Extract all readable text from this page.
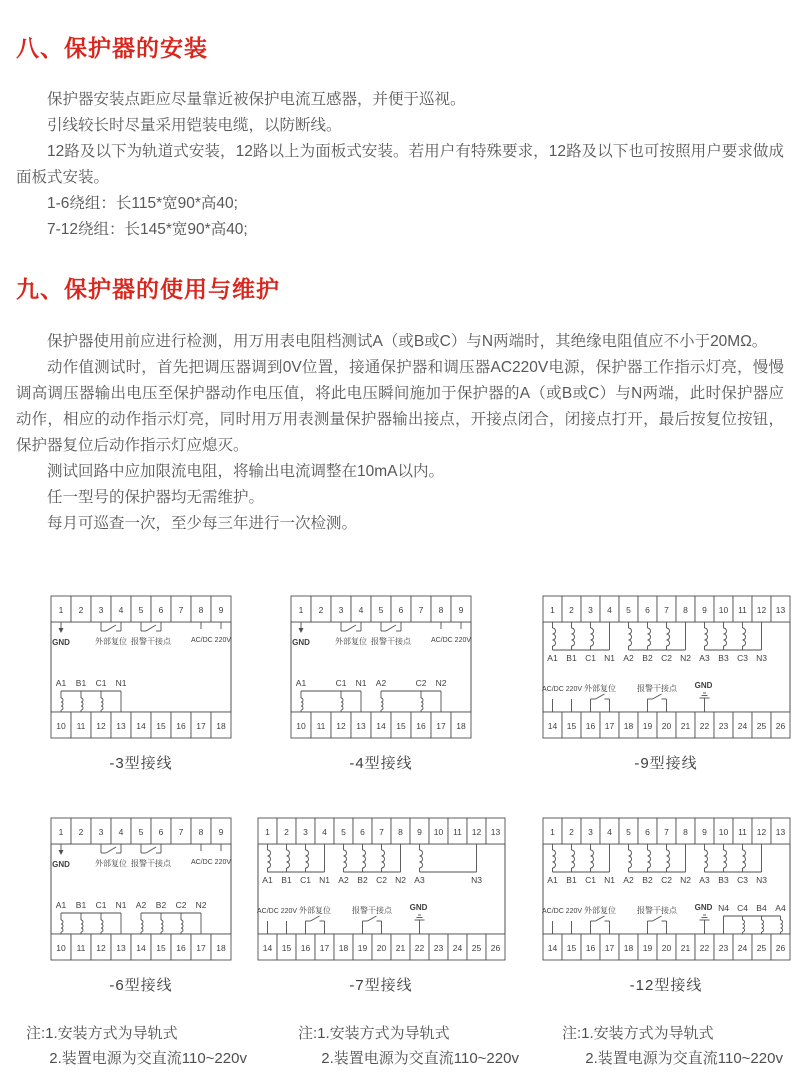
八、保护器的安装

保护器安装点距应尽量靠近被保护电流互感器，并便于巡视。

引线较长时尽量采用铠装电缆，以防断线。

12路及以下为轨道式安装，12路以上为面板式安装。若用户有特殊要求，12路及以下也可按照用户要求做成面板式安装。

1-6绕组：长115*宽90*高40;

7-12绕组：长145*宽90*高40;

九、保护器的使用与维护

保护器使用前应进行检测，用万用表电阻档测试A（或B或C）与N两端时，其绝缘电阻值应不小于20MΩ。

动作值测试时，首先把调压器调到0V位置，接通保护器和调压器AC220V电源，保护器工作指示灯亮，慢慢调高调压器输出电压至保护器动作电压值，将此电压瞬间施加于保护器的A（或B或C）与N两端，此时保护器应动作，相应的动作指示灯亮，同时用万用表测量保护器输出接点，开接点闭合，闭接点打开，最后按复位按钮，保护器复位后动作指示灯应熄灭。

测试回路中应加限流电阻，将输出电流调整在10mA以内。

任一型号的保护器均无需维护。

每月可巡查一次，至少每三年进行一次检测。

1 2 3 4 5 6 7 8 9
10 11 12 13 14 15 16 17 18
GND	外部复位 报警干接点	AC/DC 220V
A1 B1 C1 N1
-3型接线
1 2 3 4 5 6 7 8 9
10 11 12 13 14 15 16 17 18
GND	外部复位 报警干接点	AC/DC 220V
A1	C1 N1 A2	C2 N2
-4型接线
1 2 3 4 5 6 7 8 9 10 11 12 13
14 15 16 17 18 19 20 21 22 23 24 25 26
AC/DC 220V 外部复位	报警干接点 GND
A1 B1 C1 N1 A2 B2 C2 N2 A3 B3 C3 N3
-9型接线
1 2 3 4 5 6 7 8 9
10 11 12 13 14 15 16 17 18
GND	外部复位 报警干接点	AC/DC 220V
A1 B1 C1 N1 A2 B2 C2 N2
-6型接线
1 2 3 4 5 6 7 8 9 10 11 12 13
14 15 16 17 18 19 20 21 22 23 24 25 26
AC/DC 220V 外部复位	报警干接点 GND
A1 B1 C1 N1 A2 B2 C2 N2 A3	N3
-7型接线
1 2 3 4 5 6 7 8 9 10 11 12 13
14 15 16 17 18 19 20 21 22 23 24 25 26
AC/DC 220V 外部复位	报警干接点 GND
A1 B1 C1 N1 A2 B2 C2 N2 A3 B3 C3 N3
N4 C4 B4 A4
-12型接线
注:1.安装方式为导轨式
2.装置电源为交直流110~220v
注:1.安装方式为导轨式
2.装置电源为交直流110~220v
注:1.安装方式为导轨式
2.装置电源为交直流110~220v
